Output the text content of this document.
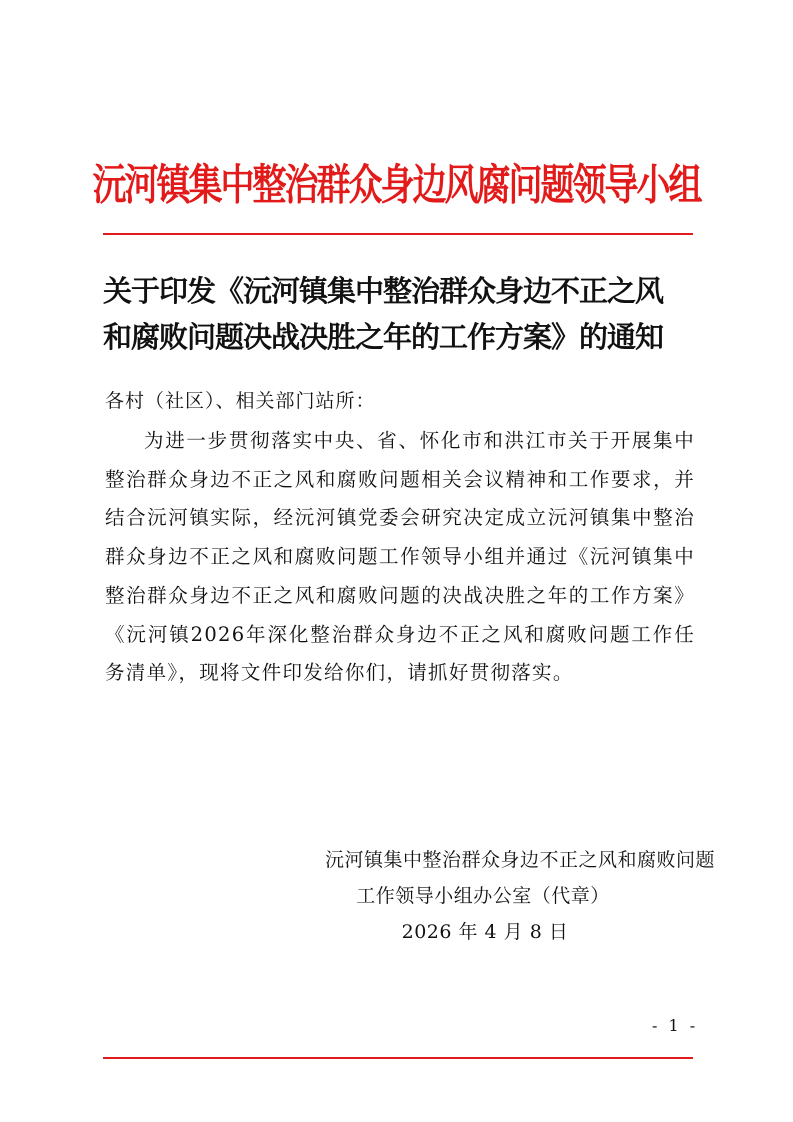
沅河镇集中整治群众身边风腐问题领导小组
关于印发《沅河镇集中整治群众身边不正之风
和腐败问题决战决胜之年的工作方案》的通知
各村（社区）、相关部门站所：

为进一步贯彻落实中央、省、怀化市和洪江市关于开展集中整治群众身边不正之风和腐败问题相关会议精神和工作要求，并结合沅河镇实际，经沅河镇党委会研究决定成立沅河镇集中整治群众身边不正之风和腐败问题工作领导小组并通过《沅河镇集中整治群众身边不正之风和腐败问题的决战决胜之年的工作方案》《沅河镇2026年深化整治群众身边不正之风和腐败问题工作任务清单》，现将文件印发给你们，请抓好贯彻落实。

沅河镇集中整治群众身边不正之风和腐败问题
工作领导小组办公室（代章）
2026 年 4 月 8 日
- 1 -
